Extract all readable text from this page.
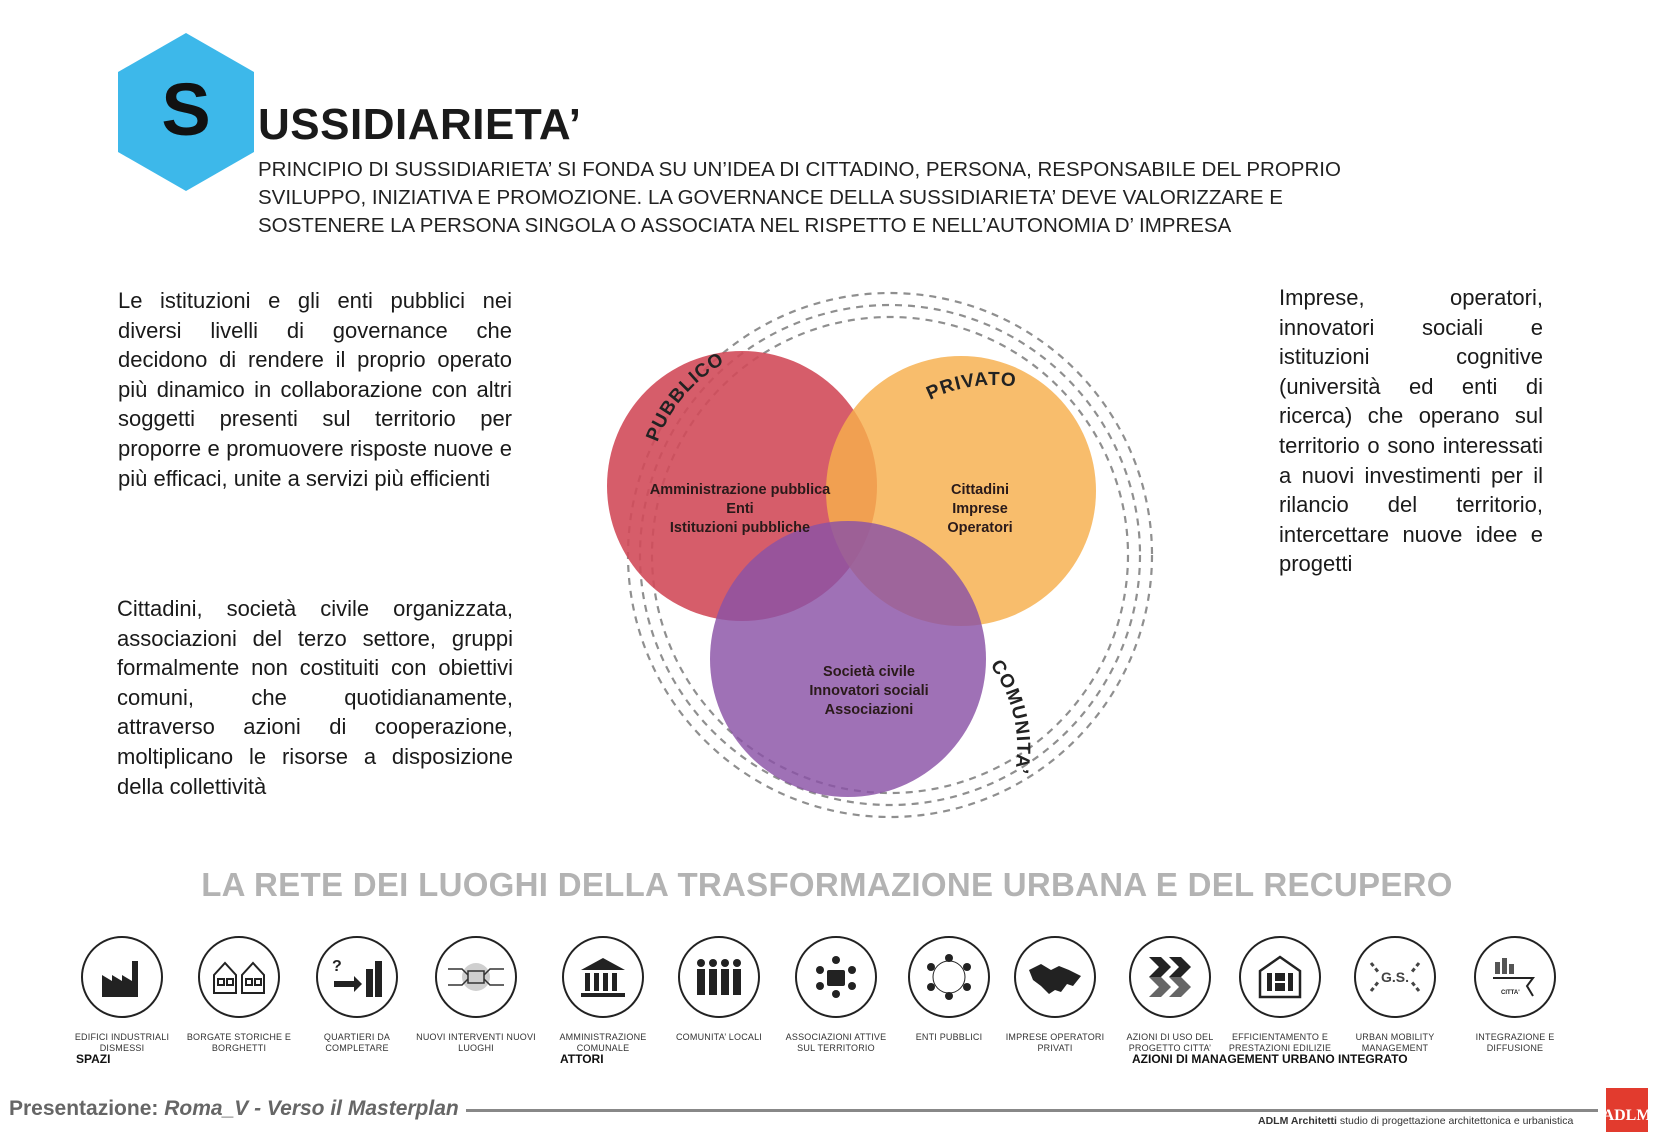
S	USSIDIARIETA’
PRINCIPIO DI SUSSIDIARIETA’ SI FONDA SU UN’IDEA DI CITTADINO, PERSONA, RESPONSABILE DEL PROPRIO
SVILUPPO, INIZIATIVA E PROMOZIONE. LA GOVERNANCE DELLA SUSSIDIARIETA’ DEVE VALORIZZARE E
SOSTENERE LA PERSONA SINGOLA O ASSOCIATA NEL RISPETTO E NELL’AUTONOMIA D’ IMPRESA
Le istituzioni e gli enti pubblici nei diversi livelli di governance che decidono di rendere il proprio operato più dinamico in collaborazione con altri soggetti presenti sul territorio per proporre e promuovere risposte nuove e più efficaci, unite a servizi più efficienti
Cittadini, società civile organizzata, associazioni del terzo settore, gruppi formalmente non costituiti con obiettivi comuni, che quotidianamente, attraverso azioni di cooperazione, moltiplicano le risorse a disposizione della collettività
Imprese, operatori, innovatori sociali e istituzioni cognitive (università ed enti di ricerca) che operano sul territorio o sono interessati a nuovi investimenti per il rilancio del territorio, intercettare nuove idee e progetti
PUBBLICO
PRIVATO
COMUNITA’
Amministrazione pubblica
Enti
Istituzioni pubbliche
Cittadini
Imprese
Operatori
Società civile
Innovatori sociali
Associazioni
LA RETE DEI LUOGHI DELLA TRASFORMAZIONE URBANA E DEL RECUPERO
EDIFICI INDUSTRIALI DISMESSI
BORGATE STORICHE E BORGHETTI
?
QUARTIERI DA COMPLETARE
NUOVI INTERVENTI NUOVI LUOGHI
AMMINISTRAZIONE COMUNALE
COMUNITA’ LOCALI	ASSOCIAZIONI ATTIVE SUL TERRITORIO
ENTI PUBBLICI	IMPRESE OPERATORI PRIVATI
AZIONI DI USO DEL PROGETTO CITTA’
EFFICIENTAMENTO E PRESTAZIONI EDILIZIE
G.S.
URBAN MOBILITY MANAGEMENT
CITTA'
INTEGRAZIONE E DIFFUSIONE
SPAZI	ATTORI	AZIONI DI MANAGEMENT URBANO INTEGRATO
Presentazione: Roma_V - Verso il Masterplan
ADLM Architetti studio di progettazione architettonica e urbanistica ADLM
